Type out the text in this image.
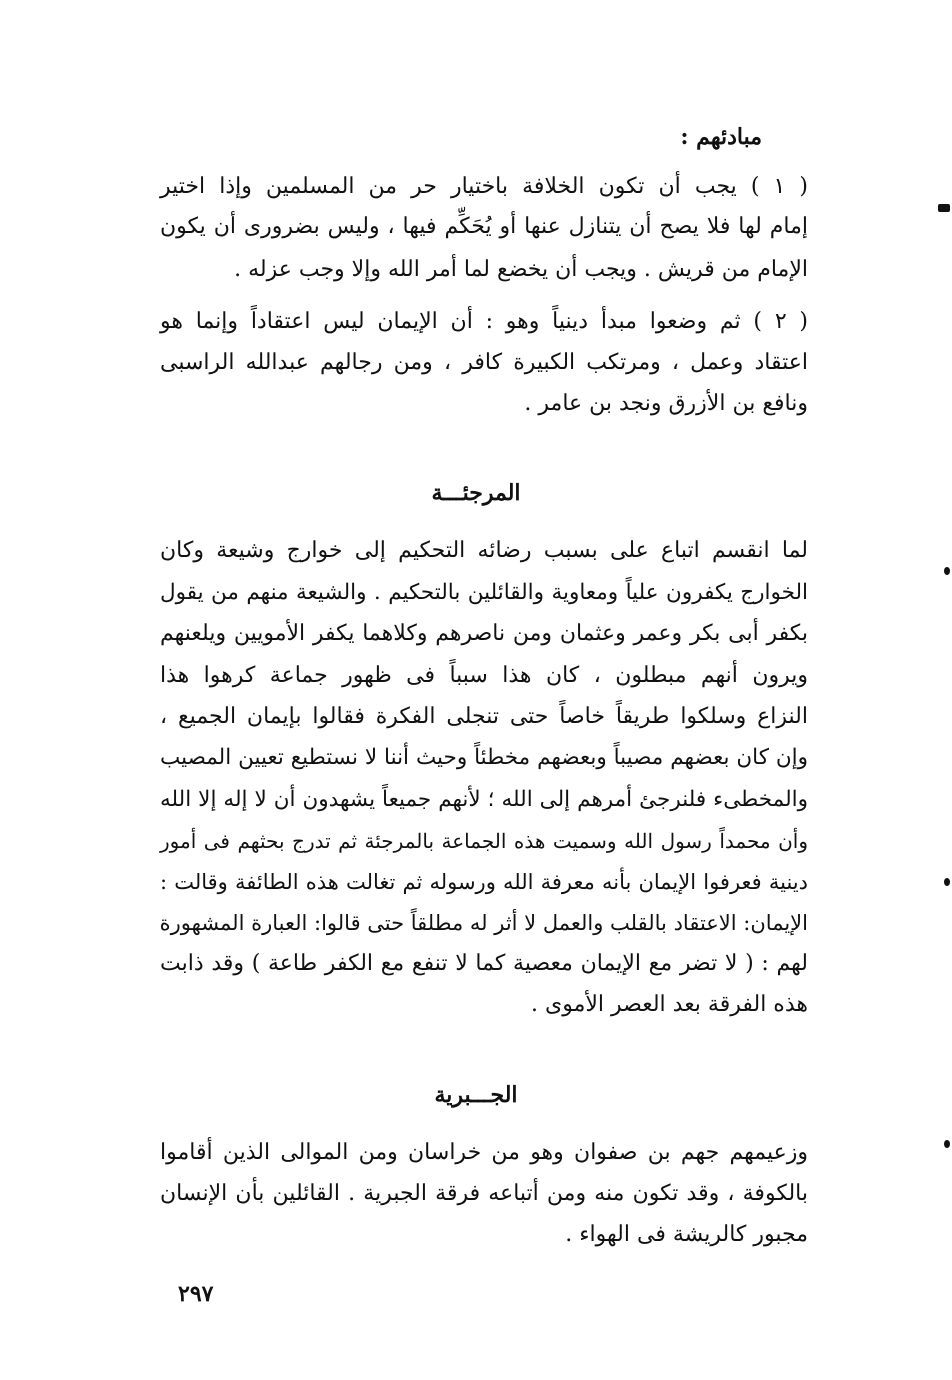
مبادئهم :
( ١ ) يجب أن تكون الخلافة باختيار حر من المسلمين وإذا اختير
إمام لها فلا يصح أن يتنازل عنها أو يُحَكِّم فيها ، وليس بضرورى أن يكون
الإمام من قريش . ويجب أن يخضع لما أمر الله وإلا وجب عزله .
( ٢ ) ثم وضعوا مبدأ دينياً وهو : أن الإيمان ليس اعتقاداً وإنما هو
اعتقاد وعمل ، ومرتكب الكبيرة كافر ، ومن رجالهم عبدالله الراسبى
ونافع بن الأزرق ونجد بن عامر .
المرجئـــة
لما انقسم اتباع على بسبب رضائه التحكيم إلى خوارج وشيعة وكان
الخوارج يكفرون علياً ومعاوية والقائلين بالتحكيم . والشيعة منهم من يقول
بكفر أبى بكر وعمر وعثمان ومن ناصرهم وكلاهما يكفر الأمويين ويلعنهم
ويرون أنهم مبطلون ، كان هذا سبباً فى ظهور جماعة كرهوا هذا
النزاع وسلكوا طريقاً خاصاً حتى تنجلى الفكرة فقالوا بإيمان الجميع ،
وإن كان بعضهم مصيباً وبعضهم مخطئاً وحيث أننا لا نستطيع تعيين المصيب
والمخطىء فلنرجئ أمرهم إلى الله ؛ لأنهم جميعاً يشهدون أن لا إله إلا الله
وأن محمداً رسول الله وسميت هذه الجماعة بالمرجئة ثم تدرج بحثهم فى أمور
دينية فعرفوا الإيمان بأنه معرفة الله ورسوله ثم تغالت هذه الطائفة وقالت :
الإيمان: الاعتقاد بالقلب والعمل لا أثر له مطلقاً حتى قالوا: العبارة المشهورة
لهم : ( لا تضر مع الإيمان معصية كما لا تنفع مع الكفر طاعة ) وقد ذابت
هذه الفرقة بعد العصر الأموى .
الجـــبرية
وزعيمهم جهم بن صفوان وهو من خراسان ومن الموالى الذين أقاموا
بالكوفة ، وقد تكون منه ومن أتباعه فرقة الجبرية . القائلين بأن الإنسان
مجبور كالريشة فى الهواء .
٢٩٧
